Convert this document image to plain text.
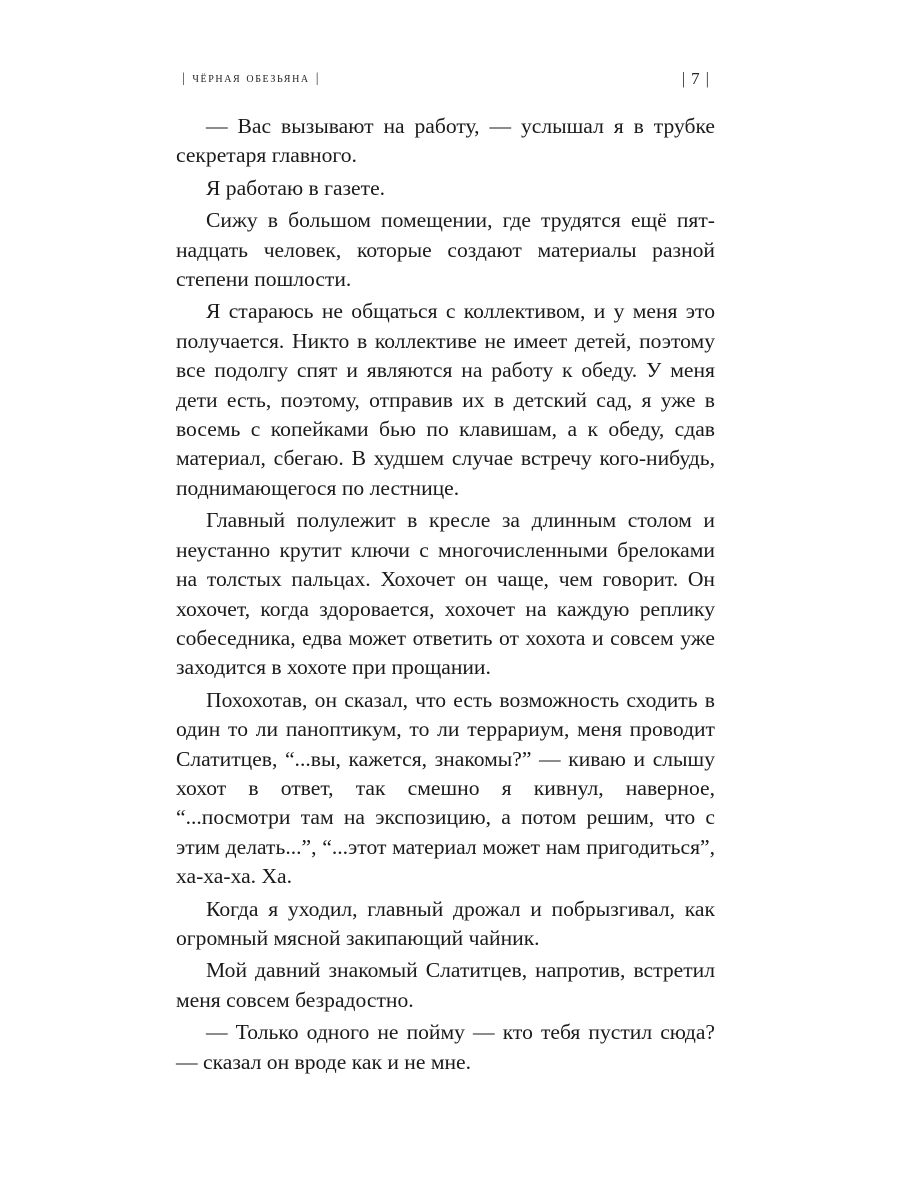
| чёрная обезьяна |	| 7 |

— Вас вызывают на работу, — услышал я в трубке секретаря главного.

Я работаю в газете.

Сижу в большом помещении, где трудятся ещё пятнадцать человек, которые создают материалы разной степени пошлости.

Я стараюсь не общаться с коллективом, и у меня это получается. Никто в коллективе не имеет детей, поэтому все подолгу спят и являются на работу к обеду. У меня дети есть, поэтому, отправив их в детский сад, я уже в восемь с копейками бью по клавишам, а к обеду, сдав материал, сбегаю. В худшем случае встречу кого-нибудь, поднимающегося по лестнице.

Главный полулежит в кресле за длинным столом и неустанно крутит ключи с многочисленными брелоками на толстых пальцах. Хохочет он чаще, чем говорит. Он хохочет, когда здоровается, хохочет на каждую реплику собеседника, едва может ответить от хохота и совсем уже заходится в хохоте при прощании.

Похохотав, он сказал, что есть возможность сходить в один то ли паноптикум, то ли террариум, меня проводит Слатитцев, “...вы, кажется, знакомы?” — киваю и слышу хохот в ответ, так смешно я кивнул, наверное, “...посмотри там на экспозицию, а потом решим, что с этим делать...”, “...этот материал может нам пригодиться”, ха-ха-ха. Ха.

Когда я уходил, главный дрожал и побрызгивал, как огромный мясной закипающий чайник.

Мой давний знакомый Слатитцев, напротив, встретил меня совсем безрадостно.

— Только одного не пойму — кто тебя пустил сюда? — сказал он вроде как и не мне.
